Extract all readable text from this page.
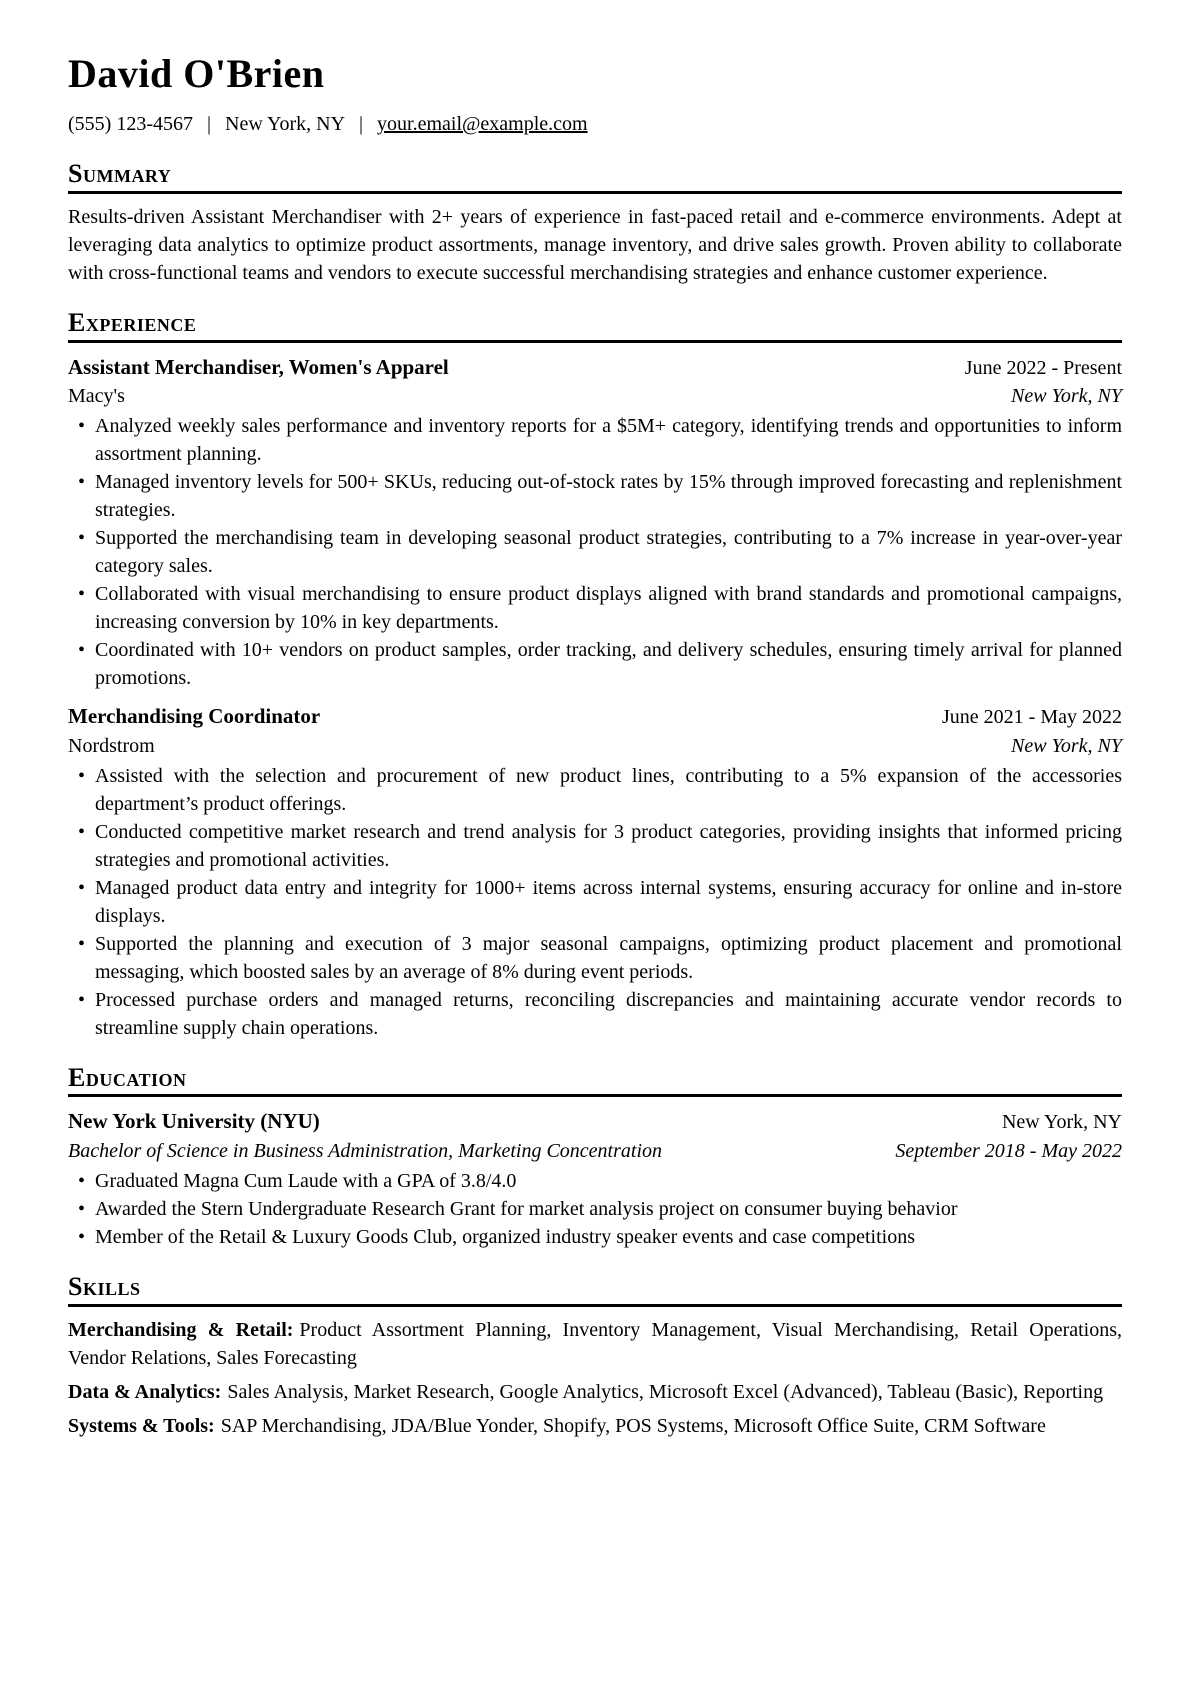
David O'Brien
(555) 123-4567 | New York, NY | your.email@example.com
Summary

Results-driven Assistant Merchandiser with 2+ years of experience in fast-paced retail and e-commerce environments. Adept at leveraging data analytics to optimize product assortments, manage inventory, and drive sales growth. Proven ability to collaborate with cross-functional teams and vendors to execute successful merchandising strategies and enhance customer experience.

Experience
Assistant Merchandiser, Women's Apparel	June 2022 - Present
Macy's	New York, NY
• Analyzed weekly sales performance and inventory reports for a $5M+ category, identifying trends and opportunities to inform assortment planning.
• Managed inventory levels for 500+ SKUs, reducing out-of-stock rates by 15% through improved forecasting and replenishment strategies.
• Supported the merchandising team in developing seasonal product strategies, contributing to a 7% increase in year-over-year category sales.
• Collaborated with visual merchandising to ensure product displays aligned with brand standards and promotional campaigns, increasing conversion by 10% in key departments.
• Coordinated with 10+ vendors on product samples, order tracking, and delivery schedules, ensuring timely arrival for planned promotions.
Merchandising Coordinator	June 2021 - May 2022
Nordstrom	New York, NY
• Assisted with the selection and procurement of new product lines, contributing to a 5% expansion of the accessories department’s product offerings.
• Conducted competitive market research and trend analysis for 3 product categories, providing insights that informed pricing strategies and promotional activities.
• Managed product data entry and integrity for 1000+ items across internal systems, ensuring accuracy for online and in-store displays.
• Supported the planning and execution of 3 major seasonal campaigns, optimizing product placement and promotional messaging, which boosted sales by an average of 8% during event periods.
• Processed purchase orders and managed returns, reconciling discrepancies and maintaining accurate vendor records to streamline supply chain operations.
Education
New York University (NYU)	New York, NY
Bachelor of Science in Business Administration, Marketing Concentration	September 2018 - May 2022
• Graduated Magna Cum Laude with a GPA of 3.8/4.0
• Awarded the Stern Undergraduate Research Grant for market analysis project on consumer buying behavior
• Member of the Retail & Luxury Goods Club, organized industry speaker events and case competitions
Skills

Merchandising & Retail: Product Assortment Planning, Inventory Management, Visual Merchandising, Retail Operations, Vendor Relations, Sales Forecasting

Data & Analytics: Sales Analysis, Market Research, Google Analytics, Microsoft Excel (Advanced), Tableau (Basic), Reporting

Systems & Tools: SAP Merchandising, JDA/Blue Yonder, Shopify, POS Systems, Microsoft Office Suite, CRM Software
